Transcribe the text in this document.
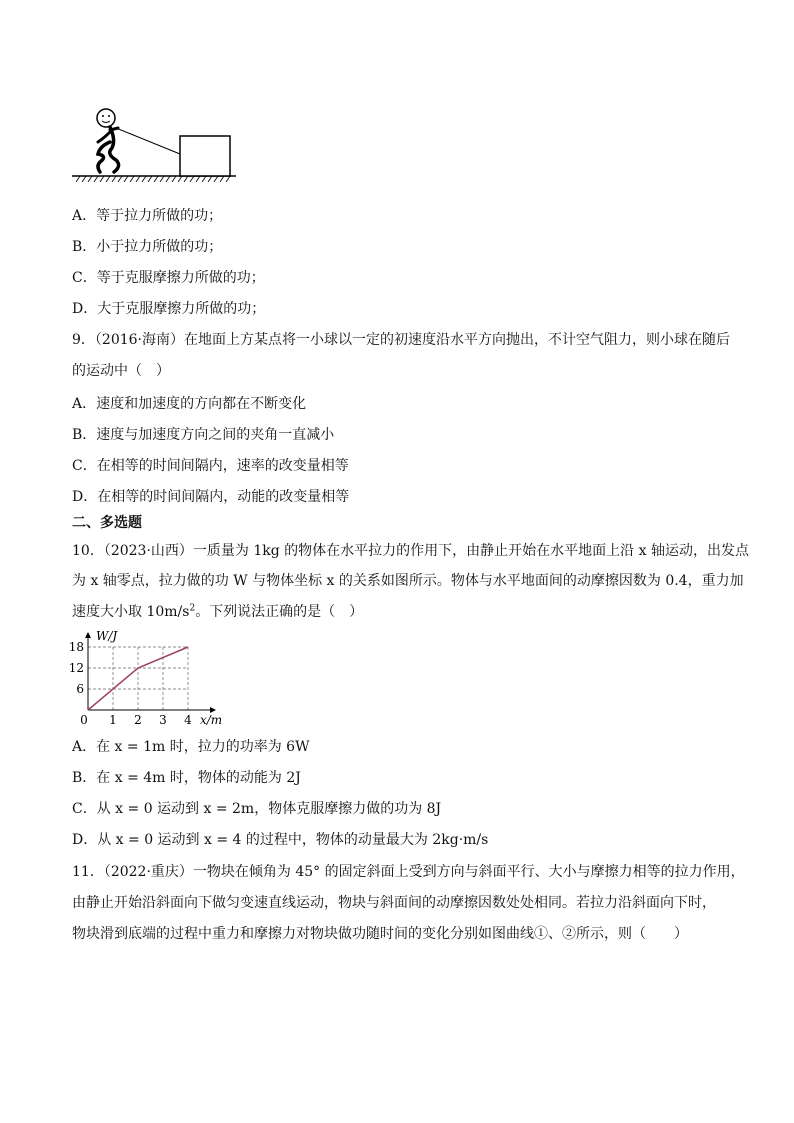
A．等于拉力所做的功；
B．小于拉力所做的功；
C．等于克服摩擦力所做的功；
D．大于克服摩擦力所做的功；
9．（2016·海南）在地面上方某点将一小球以一定的初速度沿水平方向抛出，不计空气阻力，则小球在随后
的运动中（　）
A．速度和加速度的方向都在不断变化
B．速度与加速度方向之间的夹角一直减小
C．在相等的时间间隔内，速率的改变量相等
D．在相等的时间间隔内，动能的改变量相等
二、多选题
10．（2023·山西）一质量为 1kg 的物体在水平拉力的作用下，由静止开始在水平地面上沿 x 轴运动，出发点
为 x 轴零点，拉力做的功 W 与物体坐标 x 的关系如图所示。物体与水平地面间的动摩擦因数为 0.4，重力加
速度大小取 $10m/s^2$。下列说法正确的是（　）
6
12
18
0 1 2 3 4
W/J
x/m
A．在 x = 1m 时，拉力的功率为 6W
B．在 x = 4m 时，物体的动能为 2J
C．从 x = 0 运动到 x = 2m，物体克服摩擦力做的功为 8J
D．从 x = 0 运动到 x = 4 的过程中，物体的动量最大为 2kg·m/s
11．（2022·重庆）一物块在倾角为 45° 的固定斜面上受到方向与斜面平行、大小与摩擦力相等的拉力作用，
由静止开始沿斜面向下做匀变速直线运动，物块与斜面间的动摩擦因数处处相同。若拉力沿斜面向下时，
物块滑到底端的过程中重力和摩擦力对物块做功随时间的变化分别如图曲线①、②所示，则（　　）
